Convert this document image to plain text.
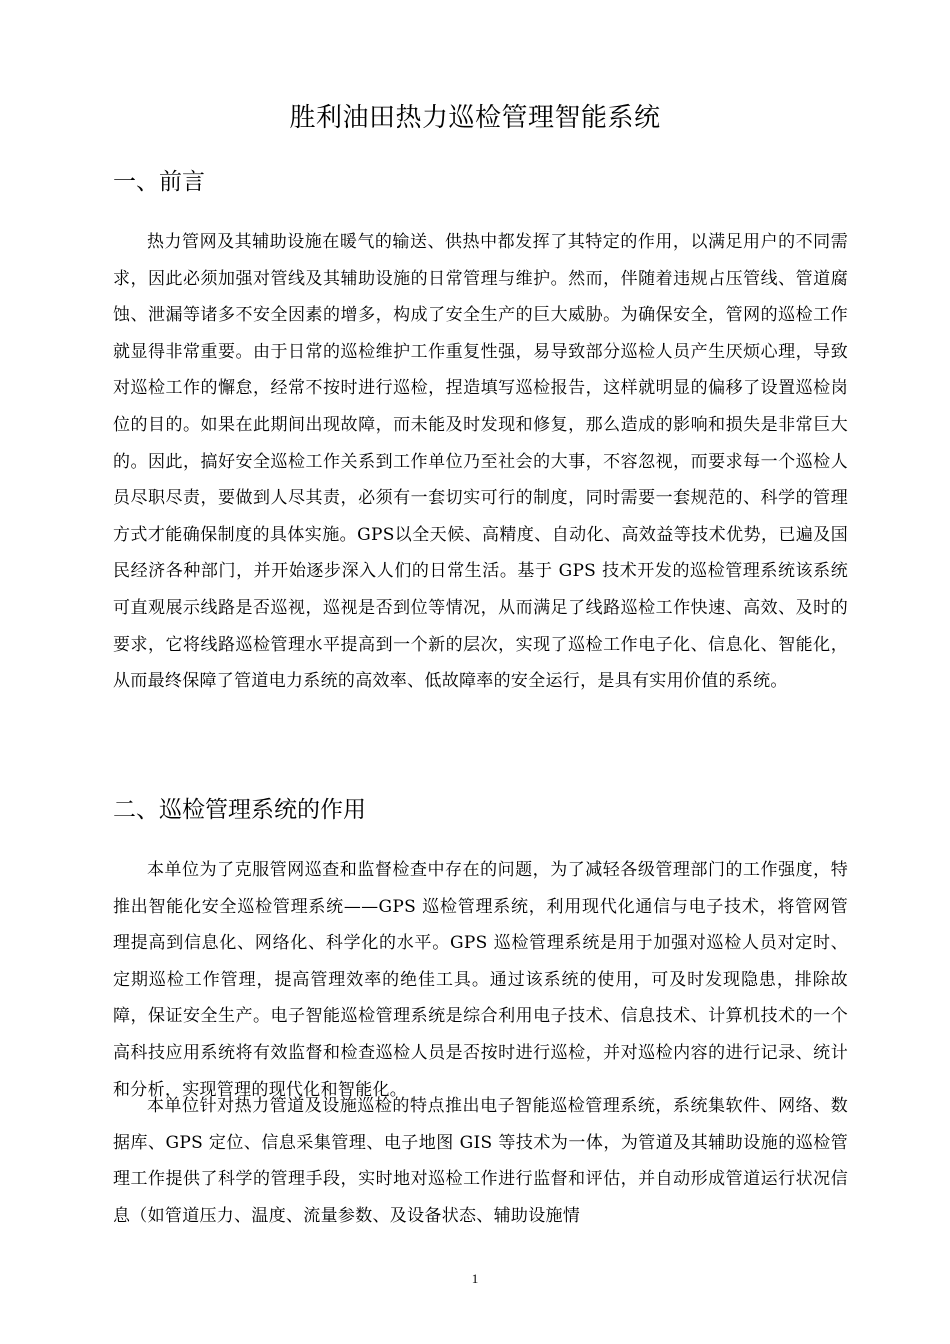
胜利油田热力巡检管理智能系统
一、前言

热力管网及其辅助设施在暖气的输送、供热中都发挥了其特定的作用，以满足用户的不同需求，因此必须加强对管线及其辅助设施的日常管理与维护。然而，伴随着违规占压管线、管道腐蚀、泄漏等诸多不安全因素的增多，构成了安全生产的巨大威胁。为确保安全，管网的巡检工作就显得非常重要。由于日常的巡检维护工作重复性强，易导致部分巡检人员产生厌烦心理，导致对巡检工作的懈怠，经常不按时进行巡检，捏造填写巡检报告，这样就明显的偏移了设置巡检岗位的目的。如果在此期间出现故障，而未能及时发现和修复，那么造成的影响和损失是非常巨大的。因此，搞好安全巡检工作关系到工作单位乃至社会的大事，不容忽视，而要求每一个巡检人员尽职尽责，要做到人尽其责，必须有一套切实可行的制度，同时需要一套规范的、科学的管理方式才能确保制度的具体实施。GPS以全天候、高精度、自动化、高效益等技术优势，已遍及国民经济各种部门，并开始逐步深入人们的日常生活。基于 GPS 技术开发的巡检管理系统该系统可直观展示线路是否巡视，巡视是否到位等情况，从而满足了线路巡检工作快速、高效、及时的要求，它将线路巡检管理水平提高到一个新的层次，实现了巡检工作电子化、信息化、智能化，从而最终保障了管道电力系统的高效率、低故障率的安全运行，是具有实用价值的系统。

二、巡检管理系统的作用

本单位为了克服管网巡查和监督检查中存在的问题，为了减轻各级管理部门的工作强度，特推出智能化安全巡检管理系统——GPS 巡检管理系统，利用现代化通信与电子技术，将管网管理提高到信息化、网络化、科学化的水平。GPS 巡检管理系统是用于加强对巡检人员对定时、定期巡检工作管理，提高管理效率的绝佳工具。通过该系统的使用，可及时发现隐患，排除故障，保证安全生产。电子智能巡检管理系统是综合利用电子技术、信息技术、计算机技术的一个高科技应用系统将有效监督和检查巡检人员是否按时进行巡检，并对巡检内容的进行记录、统计和分析，实现管理的现代化和智能化。

本单位针对热力管道及设施巡检的特点推出电子智能巡检管理系统，系统集软件、网络、数据库、GPS 定位、信息采集管理、电子地图 GIS 等技术为一体，为管道及其辅助设施的巡检管理工作提供了科学的管理手段，实时地对巡检工作进行监督和评估，并自动形成管道运行状况信息（如管道压力、温度、流量参数、及设备状态、辅助设施情

1
